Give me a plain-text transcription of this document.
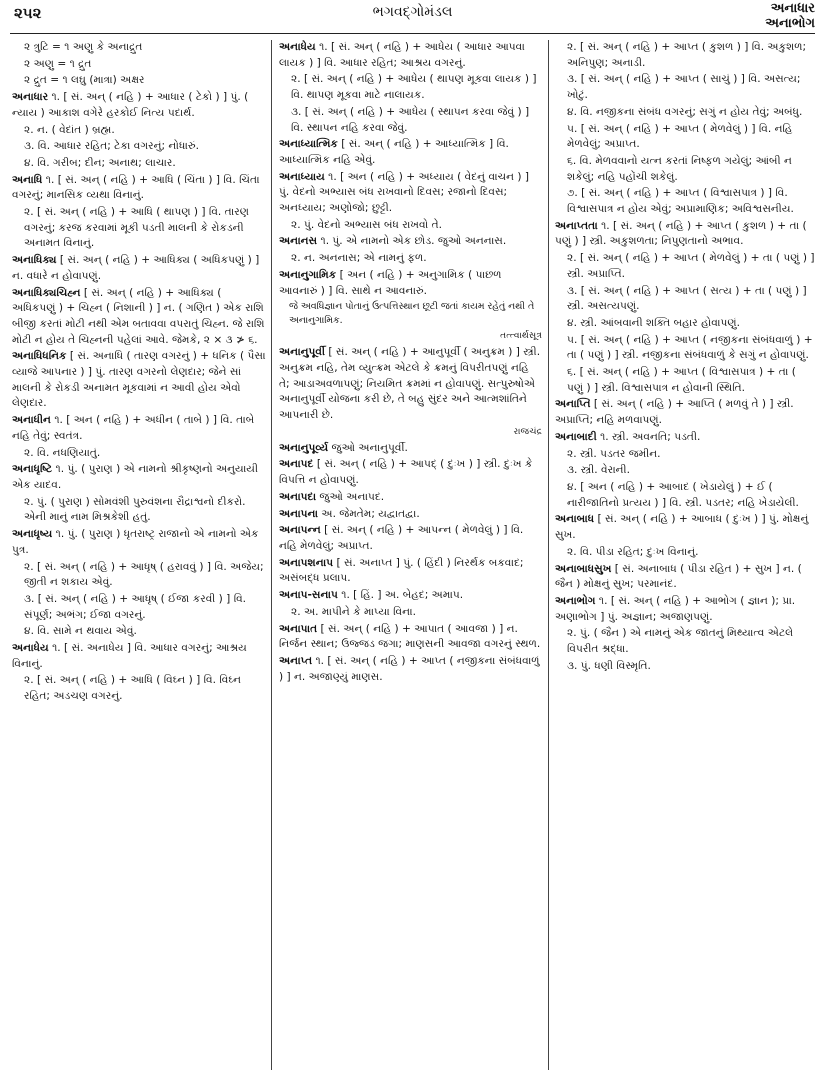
૨૫૨	ભગવદ્ગોમંડલ	અનાધાર
અનાભોગ
૨ ત્રુટિ = ૧ અણુ કે અનાદ્રુત
૨ અણુ = ૧ દ્રુત
૨ દ્રુત = ૧ લઘુ (માત્રા) અક્ષર
અનાધાર ૧. [ સં. અન્ ( નહિ ) + આધાર ( ટેકો ) ] પું. ( ન્યાય ) આકાશ વગેરે હરકોઈ નિત્ય પદાર્થ.
૨. ન. ( વેદાંત ) બ્રહ્મ.
૩. વિ. આધાર રહિત; ટેકા વગરનું; નોધારું.
૪. વિ. ગરીબ; દીન; અનાથ; લાચાર.
અનાધિ ૧. [ સં. અન્ ( નહિ ) + આધિ ( ચિંતા ) ] વિ. ચિંતા વગરનું; માનસિક વ્યથા વિનાનું.
૨. [ સં. અન્ ( નહિ ) + આધિ ( થાપણ ) ] વિ. તારણ વગરનું; કરજ કરવામાં મૂકી પડતી માલની કે રોકડની અનામત વિનાનું.
અનાધિક્ય [ સં. અન્ ( નહિ ) + આધિક્ય ( અધિકપણું ) ] ન. વધારે ન હોવાપણું.
અનાધિક્યચિહ્ન [ સં. અન્ ( નહિ ) + આધિક્ય ( અધિકપણું ) + ચિહ્ન ( નિશાની ) ] ન. ( ગણિત ) એક રાશિ બીજી કરતાં મોટી નથી એમ બતાવવા વપરાતું ચિહ્ન. જે રાશિ મોટી ન હોય તે ચિહ્નની પહેલાં આવે. જેમકે, ૨ × ૩ ≯ ૬.
અનાધિધનિક [ સં. અનાધિ ( તારણ વગરનું ) + ધનિક ( પૈસા વ્યાજે આપનાર ) ] પું. તારણ વગરનો લેણદાર; જેને સાં માલની કે રોકડી અનામત મૂકવામાં ન આવી હોય એવો લેણદાર.
અનાધીન ૧. [ અન ( નહિ ) + અધીન ( તાબે ) ] વિ. તાબે નહિ તેવું; સ્વતંત્ર.
૨. વિ. નધણિયાતું.
અનાધૃષ્ટિ ૧. પું. ( પુરાણ ) એ નામનો શ્રીકૃષ્ણનો અનુયાયી એક યાદવ.
૨. પું. ( પુરાણ ) સોમવંશી પુરુવંશના રૌદ્રાશ્વનો દીકરો. એની માનું નામ મિશ્રકેશી હતું.
અનાધૃષ્ય ૧. પું. ( પુરાણ ) ધૃતરાષ્ટ્ર રાજાનો એ નામનો એક પુત્ર.
૨. [ સં. અન્ ( નહિ ) + આધૃષ્ ( હરાવવું ) ] વિ. અજેય; જીતી ન શકાય એવું.
૩. [ સં. અન્ ( નહિ ) + આધૃષ્ ( ઈજા કરવી ) ] વિ. સંપૂર્ણ; અભંગ; ઈજા વગરનું.
૪. વિ. સામે ન થવાય એવું.
અનાધેય ૧. [ સં. અનાધેય ] વિ. આધાર વગરનું; આશ્રય વિનાનું.
૨. [ સં. અન્ ( નહિ ) + આધિ ( વિઘ્ન ) ] વિ. વિઘ્ન રહિત; અડચણ વગરનું.
અનાધેય ૧. [ સં. અન્ ( નહિ ) + આધેય ( આધાર આપવા લાયક ) ] વિ. આધાર રહિત; આશ્રય વગરનું.
૨. [ સં. અન્ ( નહિ ) + આધેય ( થાપણ મૂકવા લાયક ) ] વિ. થાપણ મૂકવા માટે નાલાયક.
૩. [ સં. અન્ ( નહિ ) + આધેય ( સ્થાપન કરવા જેવું ) ] વિ. સ્થાપન નહિ કરવા જેવું.
અનાધ્યાત્મિક [ સં. અન્ ( નહિ ) + આધ્યાત્મિક ] વિ. આધ્યાત્મિક નહિ એવું.
અનાધ્યાય ૧. [ અન ( નહિ ) + અધ્યાય ( વેદનું વાચન ) ] પું. વેદનો અભ્યાસ બંધ રાખવાનો દિવસ; રજાનો દિવસ; અનધ્યાય; અણોજો; છુટ્ટી.
૨. પું. વેદનો અભ્યાસ બંધ રાખવો તે.
અનાનસ ૧. પું. એ નામનો એક છોડ. જુઓ અનનાસ.
૨. ન. અનનાસ; એ નામનું ફળ.
અનાનુગામિક [ અન ( નહિ ) + અનુગામિક ( પાછળ આવનારું ) ] વિ. સાથે ન આવનારું.
જે અવધિજ્ઞાન પોતાનું ઉત્પત્તિસ્થાન છૂટી જતાં કાયમ રહેતું નથી તે અનાનુગામિક.
તત્ત્વાર્થસૂત્ર
અનાનુપૂર્વી [ સં. અન્ ( નહિ ) + આનુપૂર્વી ( અનુક્રમ ) ] સ્ત્રી. અનુક્રમ નહિ, તેમ વ્યુત્ક્રમ એટલે કે ક્રમનું વિપરીતપણું નહિ તે; આડાઅવળાપણું; નિયમિત ક્રમમાં ન હોવાપણું. સત્પુરુષોએ અનાનુપૂર્વી યોજના કરી છે, તે બહુ સુંદર અને આત્મશાંતિને આપનારી છે.
રાજચંદ્ર
અનાનુપૂર્વ્ય જુઓ અનાનુપૂર્વી.
અનાપદ [ સં. અન્ ( નહિ ) + આપદ્ ( દુઃખ ) ] સ્ત્રી. દુઃખ કે વિપત્તિ ન હોવાપણું.
અનાપદા જુઓ અનાપદ.
અનાપના અ. જેમતેમ; યદ્વાતદ્વા.
અનાપન્ન [ સં. અન્ ( નહિ ) + આપન્ન ( મેળવેલું ) ] વિ. નહિ મેળવેલું; અપ્રાપ્ત.
અનાપશનાપ [ સં. અનાપ્ત ] પું. ( હિંદી ) નિરર્થક બકવાદ; અસંબદ્ધ પ્રલાપ.
અનાપ-સનાપ ૧. [ હિં. ] અ. બેહદ; અમાપ.
૨. અ. માપીને કે માપ્યા વિના.
અનાપાત [ સં. અન્ ( નહિ ) + આપાત ( આવજા ) ] ન. નિર્જન સ્થાન; ઉજ્જડ જગા; માણસની આવજા વગરનું સ્થળ.
અનાપ્ત ૧. [ સં. અન્ ( નહિ ) + આપ્ત ( નજીકના સંબંધવાળું ) ] ન. અજાણ્યું માણસ.
૨. [ સં. અન્ ( નહિ ) + આપ્ત ( કુશળ ) ] વિ. અકુશળ; અનિપુણ; અનાડી.
૩. [ સં. અન્ ( નહિ ) + આપ્ત ( સાચું ) ] વિ. અસત્ય; ખોટું.
૪. વિ. નજીકના સંબંધ વગરનું; સગું ન હોય તેવું; અબંધુ.
૫. [ સં. અન્ ( નહિ ) + આપ્ત ( મેળવેલું ) ] વિ. નહિ મેળવેલું; અપ્રાપ્ત.
૬. વિ. મેળવવાનો યત્ન કરતાં નિષ્ફળ ગયેલું; આંબી ન શકેલું; નહિ પહોંચી શકેલું.
૭. [ સં. અન્ ( નહિ ) + આપ્ત ( વિશ્વાસપાત્ર ) ] વિ. વિશ્વાસપાત્ર ન હોય એવું; અપ્રામાણિક; અવિશ્વસનીય.
અનાપ્તતા ૧. [ સં. અન્ ( નહિ ) + આપ્ત ( કુશળ ) + તા ( પણું ) ] સ્ત્રી. અકુશળતા; નિપુણતાનો અભાવ.
૨. [ સં. અન્ ( નહિ ) + આપ્ત ( મેળવેલું ) + તા ( પણું ) ] સ્ત્રી. અપ્રાપ્તિ.
૩. [ સં. અન્ ( નહિ ) + આપ્ત ( સત્ય ) + તા ( પણું ) ] સ્ત્રી. અસત્યપણું.
૪. સ્ત્રી. આંબવાની શક્તિ બહાર હોવાપણું.
૫. [ સં. અન્ ( નહિ ) + આપ્ત ( નજીકના સંબંધવાળું ) + તા ( પણું ) ] સ્ત્રી. નજીકના સંબંધવાળું કે સગું ન હોવાપણું.
૬. [ સં. અન્ ( નહિ ) + આપ્ત ( વિશ્વાસપાત્ર ) + તા ( પણું ) ] સ્ત્રી. વિશ્વાસપાત્ર ન હોવાની સ્થિતિ.
અનાપ્તિ [ સં. અન્ ( નહિ ) + આપ્તિ ( મળવું તે ) ] સ્ત્રી. અપ્રાપ્તિ; નહિ મળવાપણું.
અનાબાદી ૧. સ્ત્રી. અવનતિ; પડતી.
૨. સ્ત્રી. પડતર જમીન.
૩. સ્ત્રી. વેરાની.
૪. [ અન ( નહિ ) + આબાદ ( ખેડાયેલું ) + ઈ ( નારીજાતિનો પ્રત્યય ) ] વિ. સ્ત્રી. પડતર; નહિ ખેડાયેલી.
અનાબાધ [ સં. અન્ ( નહિ ) + આબાધ ( દુઃખ ) ] પું. મોક્ષનું સુખ.
૨. વિ. પીડા રહિત; દુઃખ વિનાનું.
અનાબાધસુખ [ સં. અનાબાધ ( પીડા રહિત ) + સુખ ] ન. ( જૈન ) મોક્ષનું સુખ; પરમાનંદ.
અનાભોગ ૧. [ સં. અન્ ( નહિ ) + આભોગ ( જ્ઞાન ); પ્રા. અણાભોગ ] પું. અજ્ઞાન; અજાણપણું.
૨. પું. ( જૈન ) એ નામનું એક જાતનું મિથ્યાત્વ એટલે વિપરીત શ્રદ્ધા.
૩. પું. ધણી વિસ્મૃતિ.
